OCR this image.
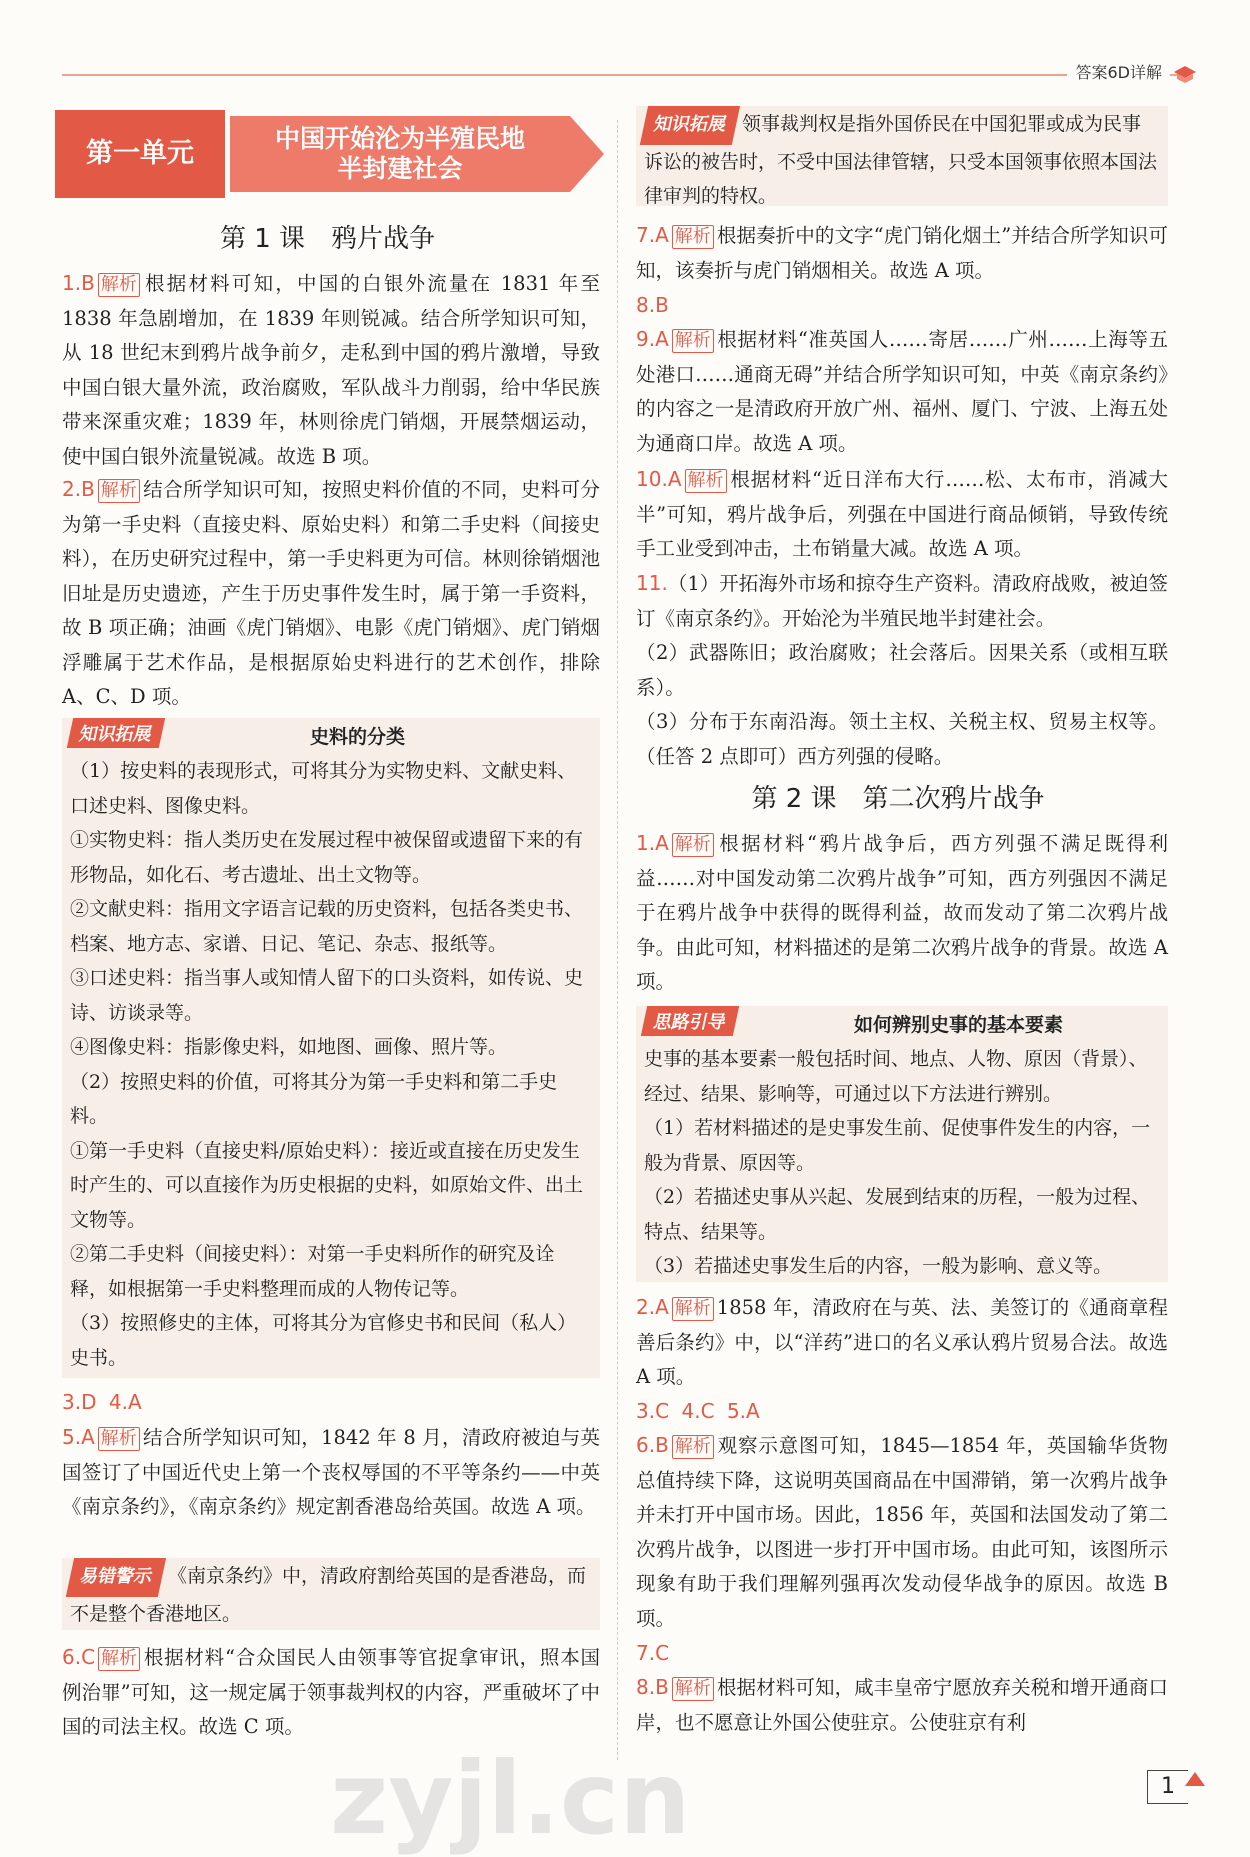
答案6D详解
第一单元	中国开始沦为半殖民地
半封建社会
第 1 课　鸦片战争
1.B 解析 根据材料可知，中国的白银外流量在 1831 年至 1838 年急剧增加，在 1839 年则锐减。结合所学知识可知，从 18 世纪末到鸦片战争前夕，走私到中国的鸦片激增，导致中国白银大量外流，政治腐败，军队战斗力削弱，给中华民族带来深重灾难；1839 年，林则徐虎门销烟，开展禁烟运动，使中国白银外流量锐减。故选 B 项。
2.B 解析 结合所学知识可知，按照史料价值的不同，史料可分为第一手史料（直接史料、原始史料）和第二手史料（间接史料），在历史研究过程中，第一手史料更为可信。林则徐销烟池旧址是历史遗迹，产生于历史事件发生时，属于第一手资料，故 B 项正确；油画《虎门销烟》、电影《虎门销烟》、虎门销烟浮雕属于艺术作品，是根据原始史料进行的艺术创作，排除 A、C、D 项。
知识拓展	史料的分类
（1）按史料的表现形式，可将其分为实物史料、文献史料、口述史料、图像史料。
①实物史料：指人类历史在发展过程中被保留或遗留下来的有形物品，如化石、考古遗址、出土文物等。
②文献史料：指用文字语言记载的历史资料，包括各类史书、档案、地方志、家谱、日记、笔记、杂志、报纸等。
③口述史料：指当事人或知情人留下的口头资料，如传说、史诗、访谈录等。
④图像史料：指影像史料，如地图、画像、照片等。
（2）按照史料的价值，可将其分为第一手史料和第二手史料。
①第一手史料（直接史料/原始史料）：接近或直接在历史发生时产生的、可以直接作为历史根据的史料，如原始文件、出土文物等。
②第二手史料（间接史料）：对第一手史料所作的研究及诠释，如根据第一手史料整理而成的人物传记等。
（3）按照修史的主体，可将其分为官修史书和民间（私人）史书。
3.D 4.A
5.A 解析 结合所学知识可知，1842 年 8 月，清政府被迫与英国签订了中国近代史上第一个丧权辱国的不平等条约——中英《南京条约》，《南京条约》规定割香港岛给英国。故选 A 项。
易错警示 《南京条约》中，清政府割给英国的是香港岛，而不是整个香港地区。
6.C 解析 根据材料“合众国民人由领事等官捉拿审讯，照本国例治罪”可知，这一规定属于领事裁判权的内容，严重破坏了中国的司法主权。故选 C 项。
知识拓展 领事裁判权是指外国侨民在中国犯罪或成为民事诉讼的被告时，不受中国法律管辖，只受本国领事依照本国法律审判的特权。
7.A 解析 根据奏折中的文字“虎门销化烟土”并结合所学知识可知，该奏折与虎门销烟相关。故选 A 项。
8.B
9.A 解析 根据材料“准英国人……寄居……广州……上海等五处港口……通商无碍”并结合所学知识可知，中英《南京条约》的内容之一是清政府开放广州、福州、厦门、宁波、上海五处为通商口岸。故选 A 项。
10.A 解析 根据材料“近日洋布大行……松、太布市，消减大半”可知，鸦片战争后，列强在中国进行商品倾销，导致传统手工业受到冲击，土布销量大减。故选 A 项。
11.（1）开拓海外市场和掠夺生产资料。清政府战败，被迫签订《南京条约》。开始沦为半殖民地半封建社会。
（2）武器陈旧；政治腐败；社会落后。因果关系（或相互联系）。
（3）分布于东南沿海。领土主权、关税主权、贸易主权等。（任答 2 点即可）西方列强的侵略。
第 2 课　第二次鸦片战争
1.A 解析 根据材料“鸦片战争后，西方列强不满足既得利益……对中国发动第二次鸦片战争”可知，西方列强因不满足于在鸦片战争中获得的既得利益，故而发动了第二次鸦片战争。由此可知，材料描述的是第二次鸦片战争的背景。故选 A 项。
思路引导	如何辨别史事的基本要素
史事的基本要素一般包括时间、地点、人物、原因（背景）、经过、结果、影响等，可通过以下方法进行辨别。
（1）若材料描述的是史事发生前、促使事件发生的内容，一般为背景、原因等。
（2）若描述史事从兴起、发展到结束的历程，一般为过程、特点、结果等。
（3）若描述史事发生后的内容，一般为影响、意义等。
2.A 解析 1858 年，清政府在与英、法、美签订的《通商章程善后条约》中，以“洋药”进口的名义承认鸦片贸易合法。故选 A 项。
3.C 4.C 5.A
6.B 解析 观察示意图可知，1845—1854 年，英国输华货物总值持续下降，这说明英国商品在中国滞销，第一次鸦片战争并未打开中国市场。因此，1856 年，英国和法国发动了第二次鸦片战争，以图进一步打开中国市场。由此可知，该图所示现象有助于我们理解列强再次发动侵华战争的原因。故选 B 项。
7.C
8.B 解析 根据材料可知，咸丰皇帝宁愿放弃关税和增开通商口岸，也不愿意让外国公使驻京。公使驻京有利
1
zyjl.cn
